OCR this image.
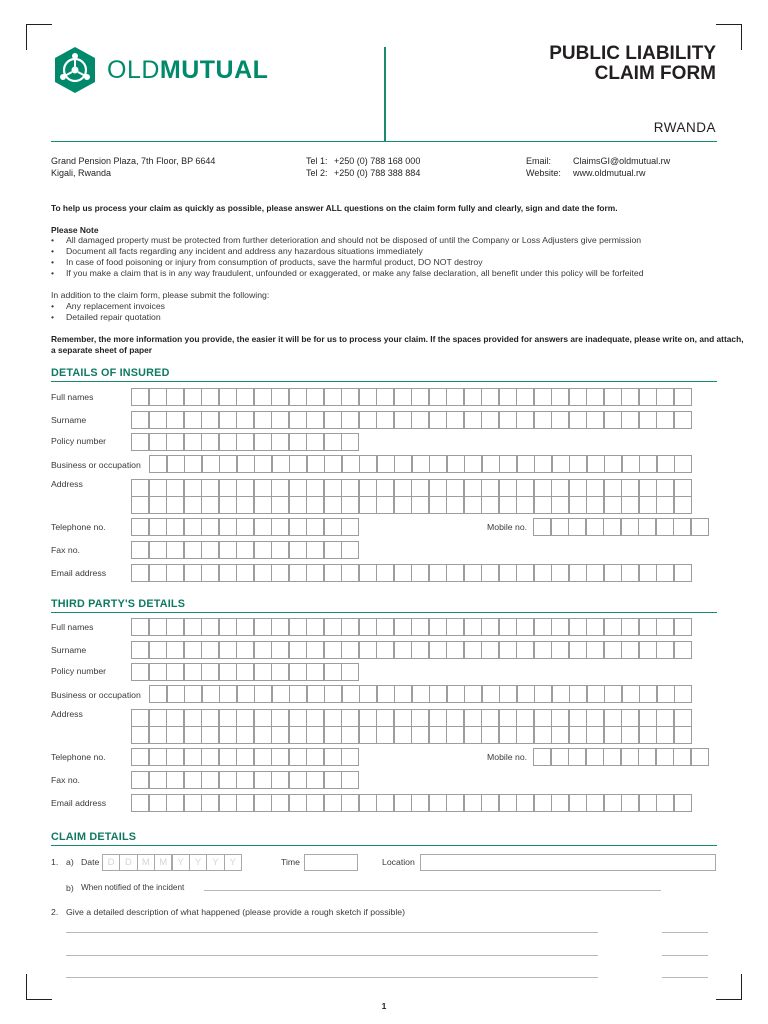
OLDMUTUAL
PUBLIC LIABILITY
CLAIM FORM
RWANDA
Grand Pension Plaza, 7th Floor, BP 6644
Kigali, Rwanda
Tel 1: +250 (0) 788 168 000
Tel 2: +250 (0) 788 388 884
Email:	ClaimsGI@oldmutual.rw
Website:	www.oldmutual.rw
To help us process your claim as quickly as possible, please answer ALL questions on the claim form fully and clearly, sign and date the form.
Please Note
• All damaged property must be protected from further deterioration and should not be disposed of until the Company or Loss Adjusters give permission
• Document all facts regarding any incident and address any hazardous situations immediately
• In case of food poisoning or injury from consumption of products, save the harmful product, DO NOT destroy
• If you make a claim that is in any way fraudulent, unfounded or exaggerated, or make any false declaration, all benefit under this policy will be forfeited
In addition to the claim form, please submit the following:
• Any replacement invoices
• Detailed repair quotation
Remember, the more information you provide, the easier it will be for us to process your claim. If the spaces provided for answers are inadequate, please write on, and attach, a separate sheet of paper
DETAILS OF INSURED
Full names
Surname
Policy number
Business or occupation
Address
Telephone no.	Mobile no.
Fax no.
Email address
THIRD PARTY'S DETAILS
Full names
Surname
Policy number
Business or occupation
Address
Telephone no.	Mobile no.
Fax no.
Email address
CLAIM DETAILS
1. a) Date D	D	M M	Y	Y	Y	Y	Time	Location
b) When notified of the incident
2. Give a detailed description of what happened (please provide a rough sketch if possible)
1
